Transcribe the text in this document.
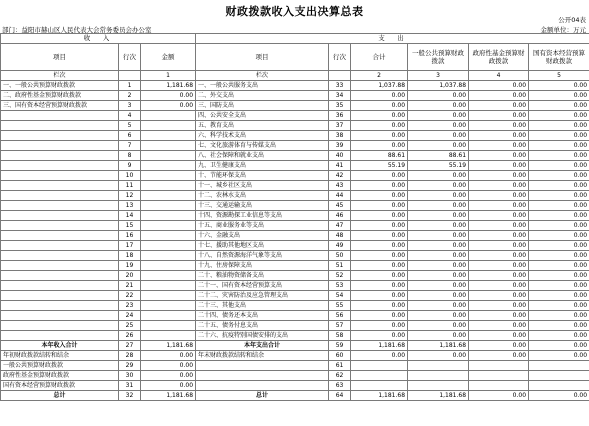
财政拨款收入支出决算总表
公开04表
部门：益阳市赫山区人民代表大会常务委员会办公室	金额单位：万元
收　入			支　出					
项目	行次	金额	项目	行次	合计	一般公共预算财政拨款	政府性基金预算财政拨款	国有资本经营预算财政拨款
栏次		1	栏次		2	3	4	5
一、一般公共预算财政拨款	1	1,181.68	一、一般公共服务支出	33	1,037.88	1,037.88	0.00	0.00
二、政府性基金预算财政拨款	2	0.00	二、外交支出	34	0.00	0.00	0.00	0.00
三、国有资本经营预算财政拨款	3	0.00	三、国防支出	35	0.00	0.00	0.00	0.00
	4		四、公共安全支出	36	0.00	0.00	0.00	0.00
	5		五、教育支出	37	0.00	0.00	0.00	0.00
	6		六、科学技术支出	38	0.00	0.00	0.00	0.00
	7		七、文化旅游体育与传媒支出	39	0.00	0.00	0.00	0.00
	8		八、社会保障和就业支出	40	88.61	88.61	0.00	0.00
	9		九、卫生健康支出	41	55.19	55.19	0.00	0.00
	10		十、节能环保支出	42	0.00	0.00	0.00	0.00
	11		十一、城乡社区支出	43	0.00	0.00	0.00	0.00
	12		十二、农林水支出	44	0.00	0.00	0.00	0.00
	13		十三、交通运输支出	45	0.00	0.00	0.00	0.00
	14		十四、资源勘探工业信息等支出	46	0.00	0.00	0.00	0.00
	15		十五、商业服务业等支出	47	0.00	0.00	0.00	0.00
	16		十六、金融支出	48	0.00	0.00	0.00	0.00
	17		十七、援助其他地区支出	49	0.00	0.00	0.00	0.00
	18		十八、自然资源海洋气象等支出	50	0.00	0.00	0.00	0.00
	19		十九、住房保障支出	51	0.00	0.00	0.00	0.00
	20		二十、粮油物资储备支出	52	0.00	0.00	0.00	0.00
	21		二十一、国有资本经营预算支出	53	0.00	0.00	0.00	0.00
	22		二十二、灾害防治及应急管理支出	54	0.00	0.00	0.00	0.00
	23		二十三、其他支出	55	0.00	0.00	0.00	0.00
	24		二十四、债务还本支出	56	0.00	0.00	0.00	0.00
	25		二十五、债务付息支出	57	0.00	0.00	0.00	0.00
	26		二十六、抗疫特别国债安排的支出	58	0.00	0.00	0.00	0.00
本年收入合计	27	1,181.68	本年支出合计	59	1,181.68	1,181.68	0.00	0.00
年初财政拨款结转和结余	28	0.00	年末财政拨款结转和结余	60	0.00	0.00	0.00	0.00
一般公共预算财政拨款	29	0.00		61				
政府性基金预算财政拨款	30	0.00		62				
国有资本经营预算财政拨款	31	0.00		63				
总计	32	1,181.68	总计	64	1,181.68	1,181.68	0.00	0.00
